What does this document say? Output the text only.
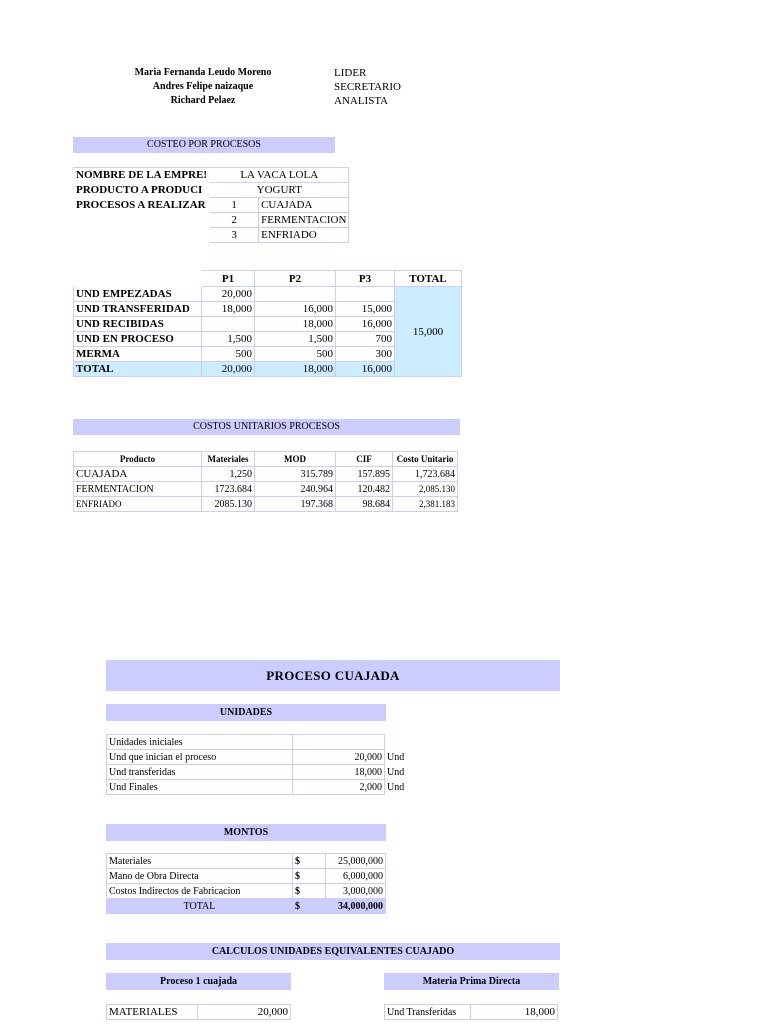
Maria Fernanda Leudo Moreno
Andres Felipe naizaque
Richard Pelaez
LIDER
SECRETARIO
ANALISTA
COSTEO POR PROCESOS
NOMBRE DE LA EMPRE!	LA VACA LOLA	
PRODUCTO A PRODUCI	YOGURT	
PROCESOS A REALIZAR	1	CUAJADA
	2	FERMENTACION
	3	ENFRIADO
	P1	P2	P3	TOTAL
UND EMPEZADAS	20,000			15,000
UND TRANSFERIDAD	18,000	16,000	15,000	
UND RECIBIDAS		18,000	16,000	
UND EN PROCESO	1,500	1,500	700	
MERMA	500	500	300	
TOTAL	20,000	18,000	16,000	
COSTOS UNITARIOS PROCESOS
Producto	Materiales	MOD	CIF	Costo Unitario
CUAJADA	1,250	315.789	157.895	1,723.684
FERMENTACION	1723.684	240.964	120.482	2,085.130
ENFRIADO	2085.130	197.368	98.684	2,381.183
PROCESO CUAJADA
UNIDADES
Unidades iniciales		
Und que inician el proceso	20,000	Und
Und transferidas	18,000	Und
Und Finales	2,000	Und
MONTOS
Materiales	$	25,000,000
Mano de Obra Directa	$	6,000,000
Costos Indirectos de Fabricacion	$	3,000,000
TOTAL	$	34,000,000
CALCULOS UNIDADES EQUIVALENTES CUAJADO
Proceso 1 cuajada	Materia Prima Directa
MATERIALES	20,000	Und Transferidas	18,000
